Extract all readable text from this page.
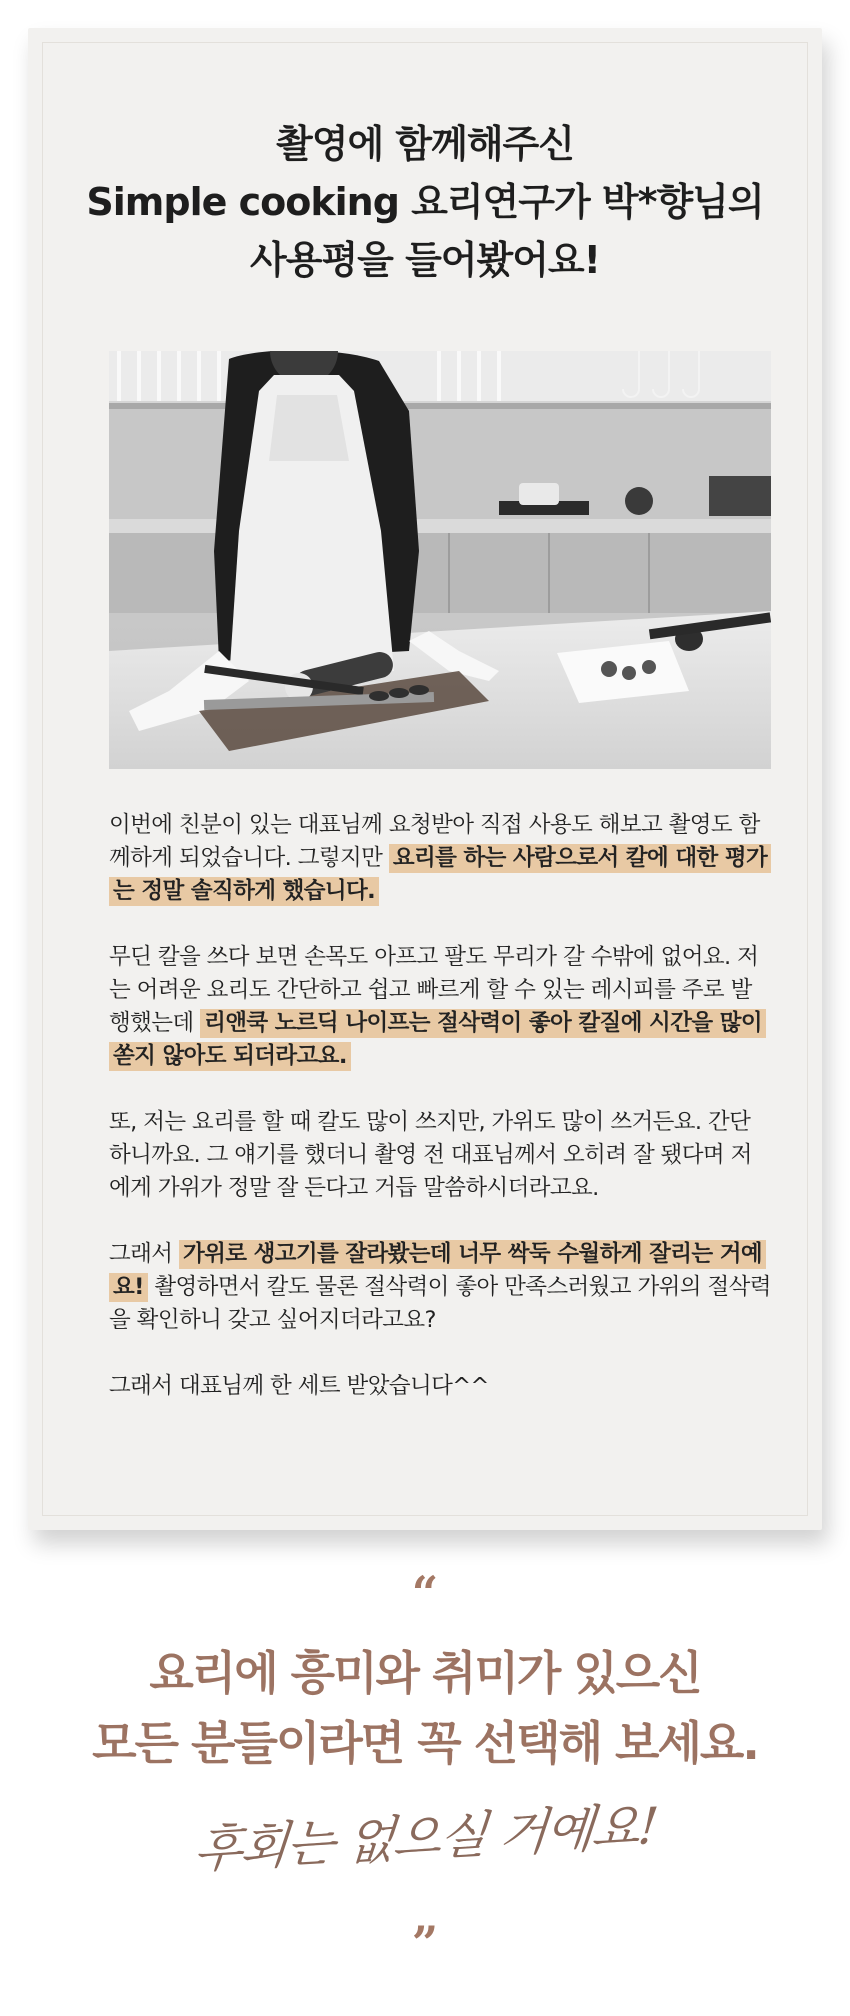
촬영에 함께해주신
Simple cooking 요리연구가 박*향님의
사용평을 들어봤어요!

이번에 친분이 있는 대표님께 요청받아 직접 사용도 해보고 촬영도 함께하게 되었습니다. 그렇지만 요리를 하는 사람으로서 칼에 대한 평가는 정말 솔직하게 했습니다.

무딘 칼을 쓰다 보면 손목도 아프고 팔도 무리가 갈 수밖에 없어요. 저는 어려운 요리도 간단하고 쉽고 빠르게 할 수 있는 레시피를 주로 발행했는데 리앤쿡 노르딕 나이프는 절삭력이 좋아 칼질에 시간을 많이 쏟지 않아도 되더라고요.

또, 저는 요리를 할 때 칼도 많이 쓰지만, 가위도 많이 쓰거든요. 간단하니까요. 그 얘기를 했더니 촬영 전 대표님께서 오히려 잘 됐다며 저에게 가위가 정말 잘 든다고 거듭 말씀하시더라고요.

그래서 가위로 생고기를 잘라봤는데 너무 싹둑 수월하게 잘리는 거예요! 촬영하면서 칼도 물론 절삭력이 좋아 만족스러웠고 가위의 절삭력을 확인하니 갖고 싶어지더라고요?

그래서 대표님께 한 세트 받았습니다^^

“
요리에 흥미와 취미가 있으신
모든 분들이라면 꼭 선택해 보세요.
후회는 없으실 거예요!
”
